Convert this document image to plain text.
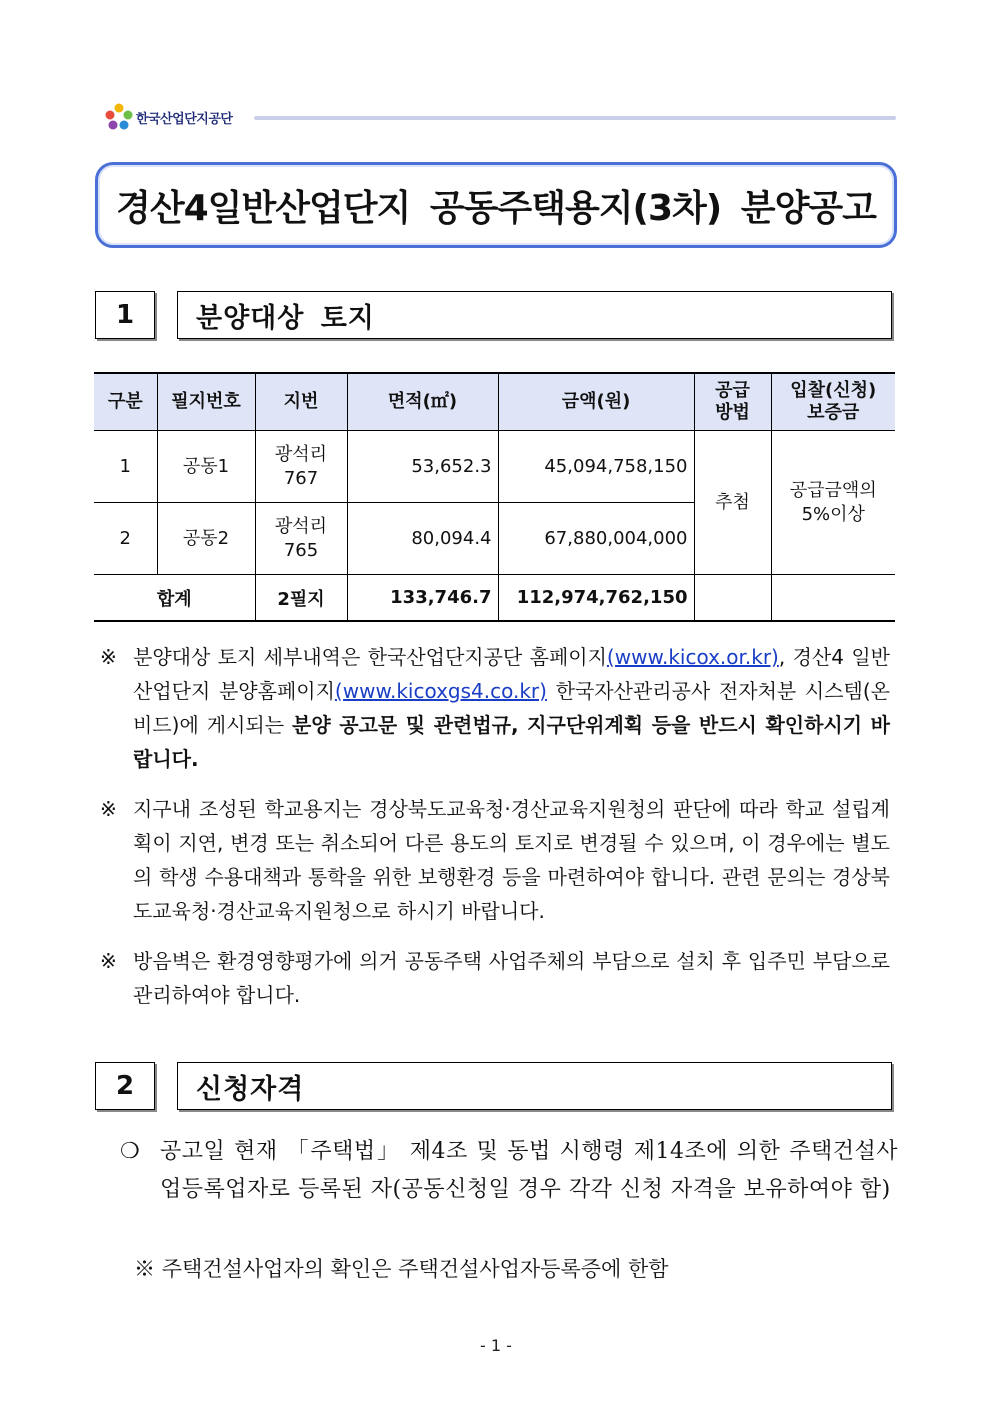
한국산업단지공단
경산4일반산업단지 공동주택용지(3차) 분양공고
1	분양대상 토지
구분	필지번호	지번	면적(㎡)	금액(원)	공급 방법	입찰(신청) 보증금
1	공동1	광석리 767	53,652.3	45,094,758,150	추첨	공급금액의 5%이상
2	공동2	광석리 765	80,094.4	67,880,004,000		
합계		2필지	133,746.7	112,974,762,150		
※ 분양대상 토지 세부내역은 한국산업단지공단 홈페이지(www.kicox.or.kr), 경산4 일반산업단지 분양홈페이지(www.kicoxgs4.co.kr) 한국자산관리공사 전자처분 시스템(온비드)에 게시되는 분양 공고문 및 관련법규, 지구단위계획 등을 반드시 확인하시기 바랍니다.
※ 지구내 조성된 학교용지는 경상북도교육청·경산교육지원청의 판단에 따라 학교 설립계획이 지연, 변경 또는 취소되어 다른 용도의 토지로 변경될 수 있으며, 이 경우에는 별도의 학생 수용대책과 통학을 위한 보행환경 등을 마련하여야 합니다. 관련 문의는 경상북도교육청·경산교육지원청으로 하시기 바랍니다.
※ 방음벽은 환경영향평가에 의거 공동주택 사업주체의 부담으로 설치 후 입주민 부담으로 관리하여야 합니다.
2	신청자격
❍ 공고일 현재 「주택법」 제4조 및 동법 시행령 제14조에 의한 주택건설사업등록업자로 등록된 자(공동신청일 경우 각각 신청 자격을 보유하여야 함)
※ 주택건설사업자의 확인은 주택건설사업자등록증에 한함
- 1 -
